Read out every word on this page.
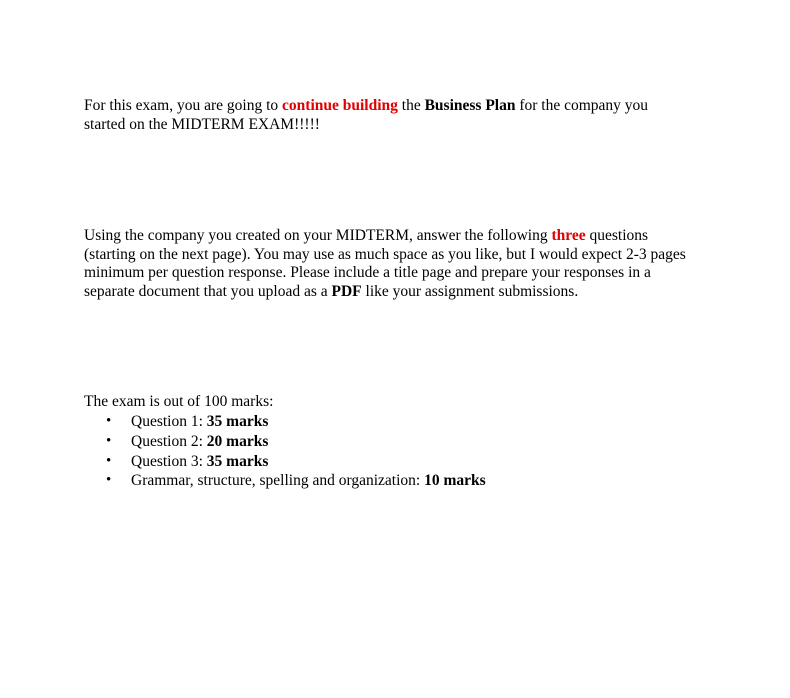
For this exam, you are going to continue building the Business Plan for the company you
started on the MIDTERM EXAM!!!!!

Using the company you created on your MIDTERM, answer the following three questions
(starting on the next page). You may use as much space as you like, but I would expect 2-3 pages
minimum per question response. Please include a title page and prepare your responses in a
separate document that you upload as a PDF like your assignment submissions.

The exam is out of 100 marks:

• Question 1: 35 marks
• Question 2: 20 marks
• Question 3: 35 marks
• Grammar, structure, spelling and organization: 10 marks
